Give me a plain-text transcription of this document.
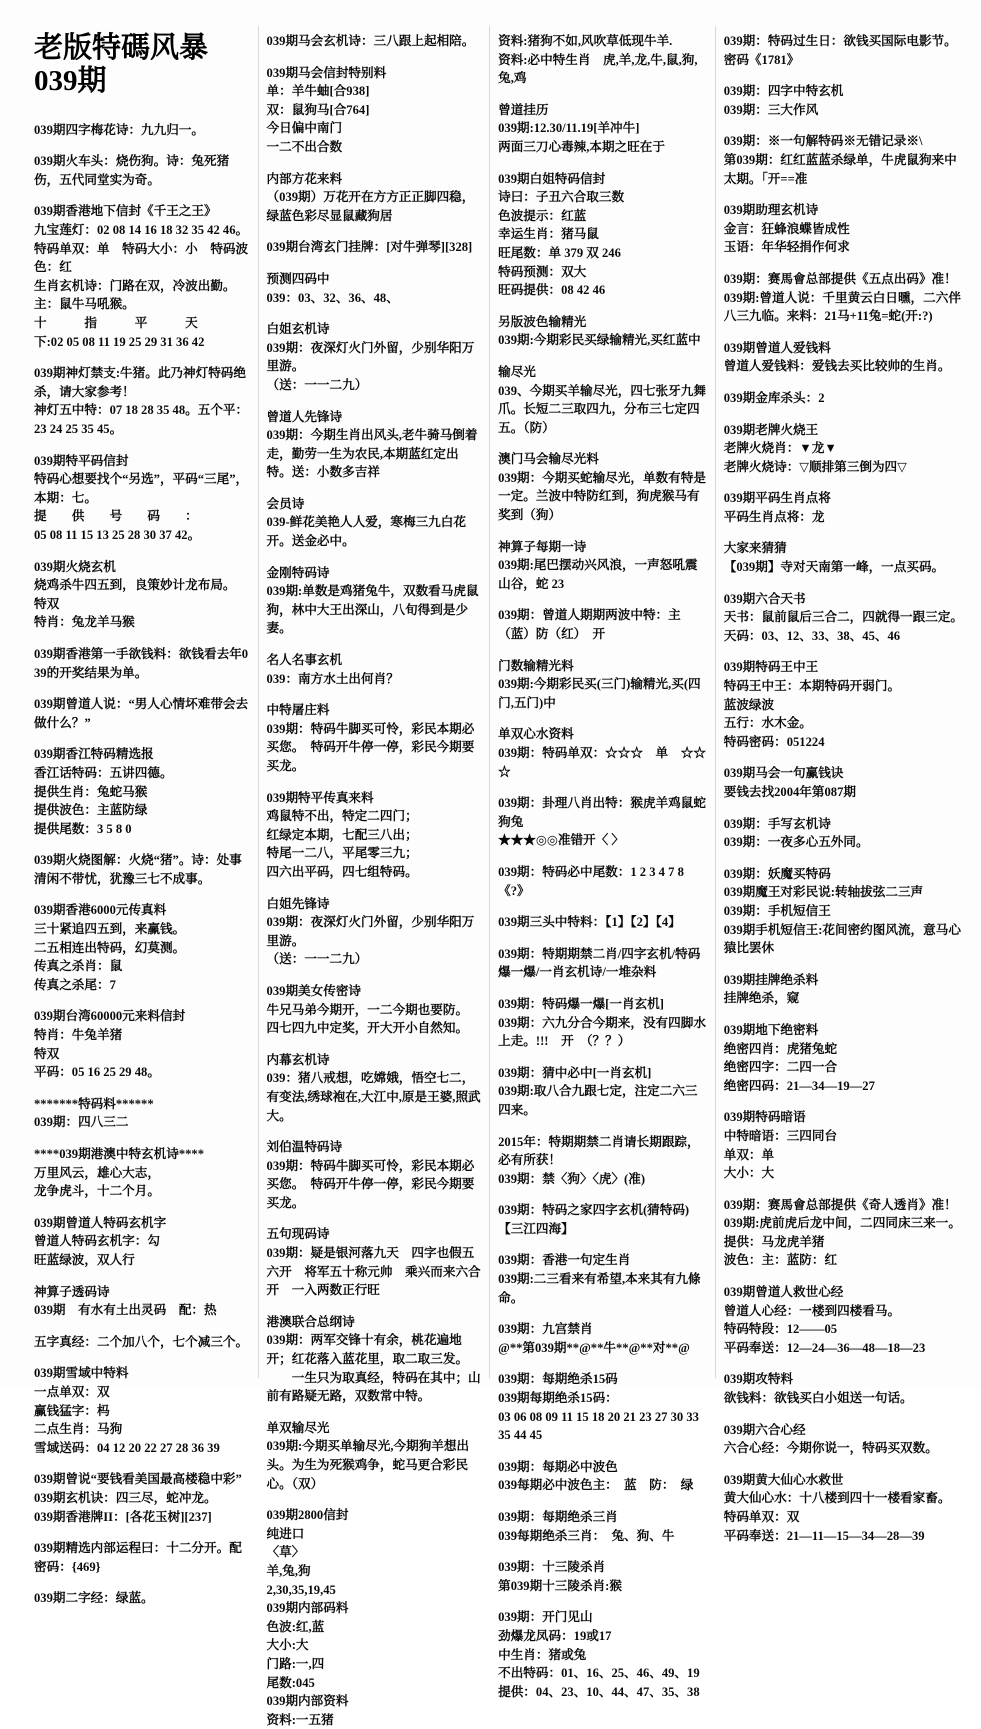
老版特碼风暴039期

039期四字梅花诗：九九归一。

039期火车头：烧伤狗。诗：兔死猪伤，五代同堂实为奇。

039期香港地下信封《千王之王》

九宝莲灯：02 08 14 16 18 32 35 42 46。

特码单双：单　特码大小：小　特码波色：红

生肖玄机诗：门路在双，冷波出勤。

主：鼠牛马吼猴。

十　　　指　　　平　　　天

下:02 05 08 11 19 25 29 31 36 42

039期神灯禁支:牛猪。此乃神灯特码绝杀，请大家参考！

神灯五中特：07 18 28 35 48。五个平：23 24 25 35 45。

039期特平码信封

特码心想要找个“另选”，平码“三尾”，本期：七。

提　　供　　号　　码　　：

05 08 11 15 13 25 28 30 37 42。

039期火烧玄机

烧鸡杀牛四五到，良策妙计龙布局。

特双

特肖：兔龙羊马猴

039期香港第一手欲钱料：欲钱看去年039的开奖结果为单。

039期曾道人说：“男人心情坏难带会去做什么？”

039期香江特码精选报

香江话特码：五讲四德。

提供生肖：兔蛇马猴

提供波色：主蓝防绿

提供尾数：3 5 8 0

039期火烧图解：火烧“猪”。诗：处事清闲不带忧，犹豫三七不成事。

039期香港6000元传真料

三十紧追四五到，来赢钱。

二五相连出特码，幻莫测。

传真之杀肖：鼠

传真之杀尾：7

039期台湾60000元来料信封

特肖：牛兔羊猪

特双

平码：05 16 25 29 48。

*******特码料******

039期：四八三二

****039期港澳中特玄机诗****

万里风云，雄心大志，

龙争虎斗，十二个月。

039期曾道人特码玄机字

曾道人特码玄机字：勾

旺蓝绿波，双人行

神算子透码诗

039期　有水有土出灵码　配：热

五字真经：二个加八个，七个减三个。

039期雪域中特料

一点单双：双

赢钱猛字：杩

二点生肖：马狗

雪域送码：04 12 20 22 27 28 36 39

039期曾说“要钱看美国最高楼稳中彩”

039期玄机诀：四三尽，蛇冲龙。

039期香港牌II：[各花玉树][237]

039期精选内部运程曰：十二分开。配密码：{469}

039期二字经：绿蓝。

039期马会玄机诗：三八跟上起相陪。

039期马会信封特别料

单：羊牛蚰[合938]

双：鼠狗马[合764]

今日偏中南门

一二不出合数

内部方花来料

（039期）万花开在方方正正脚四稳，绿蓝色彩尽显鼠藏狗居

039期台湾玄门挂牌：[对牛弹琴][328]

预测四码中

039：03、32、36、48、

白姐玄机诗

039期：夜深灯火门外留，少别华阳万里游。

（送：一一二九）

曾道人先锋诗

039期：今期生肖出风头,老牛骑马倒着走，勤劳一生为农民,本期蓝红定出特。送：小数多吉祥

会员诗

039-鲜花美艳人人爱，寒梅三九白花开。送金必中。

金刚特码诗

039期:单数是鸡猪兔牛，双数看马虎鼠狗，林中大王出深山，八旬得到是少妻。

名人名事玄机

039：南方水土出何肖？

中特屠庄料

039期：特码牛脚买可怜，彩民本期必买您。　特码开牛停一停，彩民今期要买龙。

039期特平传真来料

鸡鼠特不出，特定二四门；

红绿定本期，七配三八出；

特尾一二八，平尾零三九；

四六出平码，四七组特码。

白姐先锋诗

039期：夜深灯火门外留，少别华阳万里游。

（送：一一二九）

039期美女传密诗

牛兄马弟今期开，一二今期也要防。

四七四九中定奖，开大开小自然知。

内幕玄机诗

039：猪八戒想，吃嫦娥，悟空七二，有变法,绣球袍在,大江中,原是王婆,照武大。

刘伯温特码诗

039期：特码牛脚买可怜，彩民本期必买您。　特码开牛停一停，彩民今期要买龙。

五句现码诗

039期：疑是银河落九天　四字也假五六开　将军五十称元帅　乘兴而来六合开　一入两数正行旺

港澳联合总纲诗

039期：两军交锋十有余，桃花遍地开；红花落入蓝花里，取二取三发。

　　一生只为取真经，特码在其中；山前有路疑无路，双数常中特。

单双输尽光

039期:今期买单输尽光,今期狗羊想出头。为生为死猴鸡争，蛇马更合彩民心。（双）

039期2800信封

纯进口

〈草〉

羊,兔,狗

2,30,35,19,45

039期内部码料

色波:红,蓝

大小:大

门路:一,四

尾数:045

039期内部资料

资料:一五猪

资料:猪狗不如,风吹草低现牛羊.

资料:必中特生肖　虎,羊,龙,牛,鼠,狗,兔,鸡

曾道挂历

039期:12.30/11.19[羊冲牛]

两面三刀心毒辣,本期之旺在于

039期白姐特码信封

诗曰：子丑六合取三数

色波提示：红蓝

幸运生肖：猪马鼠

旺尾数：单 379 双 246

特码预测：双大

旺码提供：08 42 46

另版波色输精光

039期:今期彩民买绿输精光,买红蓝中

输尽光

039、今期买羊输尽光，四七张牙九舞爪。长短二三取四九，分布三七定四五。（防）

澳门马会输尽光料

039期：今期买蛇输尽光，单数有特是一定。兰波中特防红到，狗虎猴马有奖到（狗）

神算子每期一诗

039期:尾巴摆动兴风浪，一声怒吼震山谷，蛇 23

039期：曾道人期期两波中特：主（蓝）防（红）　开

门数输精光料

039期:今期彩民买(三门)输精光,买(四门,五门)中

单双心水资料

039期：特码单双：☆☆☆　单　☆☆☆

039期：卦理八肖出特：猴虎羊鸡鼠蛇狗兔

★★★◎◎准错开〈 〉

039期：特码必中尾数：1 2 3 4 7 8　《?》

039期三头中特料：【1】【2】【4】

039期：特期期禁二肖/四字玄机/特码爆一爆/一肖玄机诗/一堆杂料

039期：特码爆一爆[一肖玄机]

039期：六九分合今期来，没有四脚水上走。!!!　开　（？？）

039期：猜中必中[一肖玄机]

039期:取八合九跟七定，注定二六三四来。

2015年：特期期禁二肖请长期跟踪，必有所获！

039期：禁〈狗〉〈虎〉(准)

039期：特码之家四字玄机(猜特码)

【三江四海】

039期：香港一句定生肖

039期:二三看来有希望,本来其有九條命。

039期：九宫禁肖

@**第039期**@**牛**@**对**@

039期：每期绝杀15码

039期每期绝杀15码：

03 06 08 09 11 15 18 20 21 23 27 30 33 35 44 45

039期：每期必中波色

039每期必中波色主：　蓝　防：　绿

039期：每期绝杀三肖

039每期绝杀三肖：　兔、狗、牛

039期：十三陵杀肖

第039期十三陵杀肖:猴

039期：开门见山

劲爆龙凤码：19或17

中生肖：猪或兔

不出特码：01、16、25、46、49、19

提供：04、23、10、44、47、35、38

039期：特码过生日：欲钱买国际电影节。

密码《1781》

039期：四字中特玄机

039期：三大作风

039期：※一句解特码※无错记录※\

第039期：红红蓝蓝杀绿单，牛虎鼠狗来中太期。「开==准

039期助理玄机诗

金言：狂蜂浪蝶皆成性

玉语：年华轻捐作何求

039期：赛馬會总部提供《五点出码》准！

039期:曾道人说：千里黄云白日曛，二六伴八三九临。来料：21马+11兔=蛇(开:?)

039期曾道人爱钱料

曾道人爱钱料：爱钱去买比较帅的生肖。

039期金库杀头：2

039期老牌火烧王

老牌火烧肖：▼龙▼

老牌火烧诗：▽顺排第三倒为四▽

039期平码生肖点将

平码生肖点将：龙

大家来猜猜

【039期】寺对天南第一峰，一点买码。

039期六合天书

天书：鼠前鼠后三合二，四就得一跟三定。

天码：03、12、33、38、45、46

039期特码王中王

特码王中王：本期特码开弱门。

蓝波绿波

五行：水木金。

特码密码：051224

039期马会一句赢钱诀

要钱去找2004年第087期

039期：手写玄机诗

039期：一夜多心五外同。

039期：妖魔买特码

039期魔王对彩民说:转轴拔弦二三声

039期：手机短信王

039期手机短信王:花间密约图风流，意马心猿比罢休

039期挂牌绝杀料

挂牌绝杀，窥

039期地下绝密料

绝密四肖：虎猪兔蛇

绝密四字：二四一合

绝密四码：21—34—19—27

039期特码暗语

中特暗语：三四同台

单双：单

大小：大

039期：赛馬會总部提供《奇人透肖》准！

039期:虎前虎后龙中间，二四同床三来一。

提供：马龙虎羊猪

波色：主：蓝防：红

039期曾道人救世心经

曾道人心经：一楼到四楼看马。

特码特段：12——05

平码奉送：12—24—36—48—18—23

039期攻特料

欲钱料：欲钱买白小姐送一句话。

039期六合心经

六合心经：今期你说一，特码买双数。

039期黄大仙心水救世

黄大仙心水：十八楼到四十一楼看家畜。

特码单双：双

平码奉送：21—11—15—34—28—39
